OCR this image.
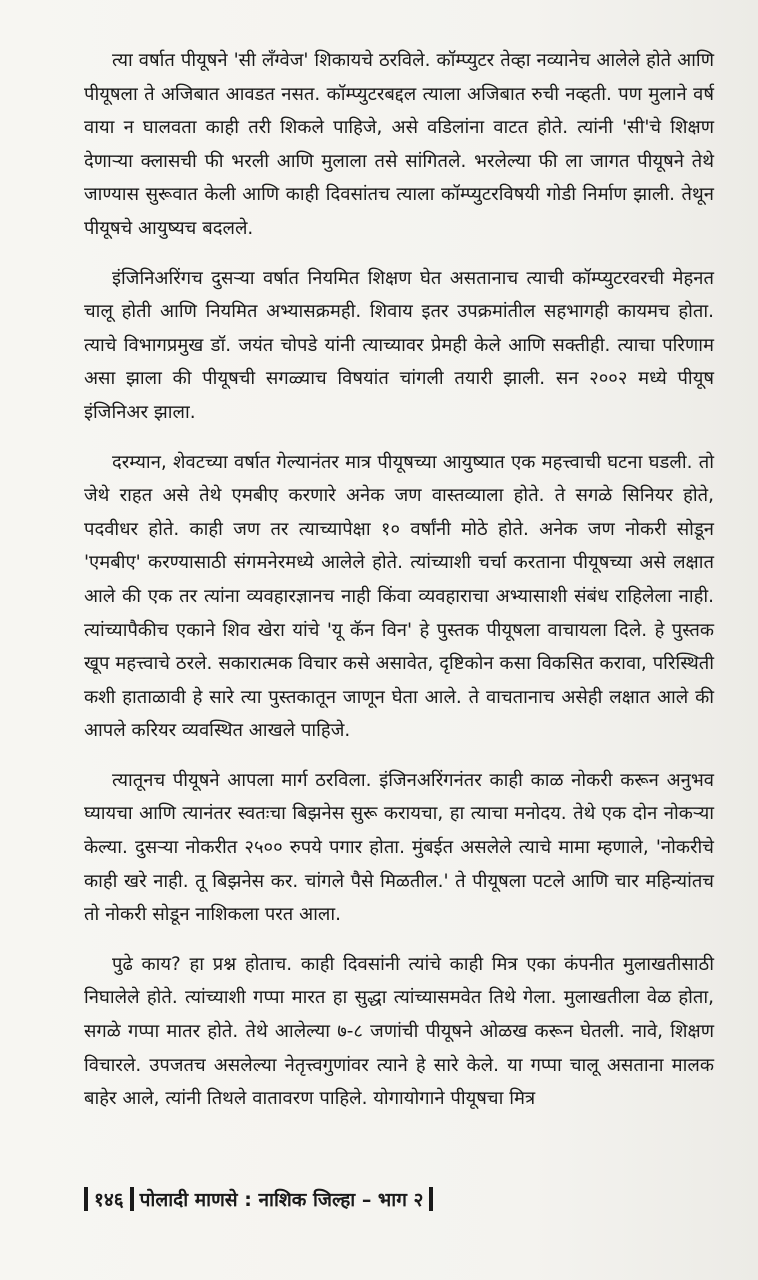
त्या वर्षात पीयूषने 'सी लँग्वेज' शिकायचे ठरविले. कॉम्प्युटर तेव्हा नव्यानेच आलेले होते आणि पीयूषला ते अजिबात आवडत नसत. कॉम्प्युटरबद्दल त्याला अजिबात रुची नव्हती. पण मुलाने वर्ष वाया न घालवता काही तरी शिकले पाहिजे, असे वडिलांना वाटत होते. त्यांनी 'सी'चे शिक्षण देणाऱ्या क्लासची फी भरली आणि मुलाला तसे सांगितले. भरलेल्या फी ला जागत पीयूषने तेथे जाण्यास सुरूवात केली आणि काही दिवसांतच त्याला कॉम्प्युटरविषयी गोडी निर्माण झाली. तेथून पीयूषचे आयुष्यच बदलले.

इंजिनिअरिंगच दुसऱ्या वर्षात नियमित शिक्षण घेत असतानाच त्याची कॉम्प्युटरवरची मेहनत चालू होती आणि नियमित अभ्यासक्रमही. शिवाय इतर उपक्रमांतील सहभागही कायमच होता. त्याचे विभागप्रमुख डॉ. जयंत चोपडे यांनी त्याच्यावर प्रेमही केले आणि सक्तीही. त्याचा परिणाम असा झाला की पीयूषची सगळ्याच विषयांत चांगली तयारी झाली. सन २००२ मध्ये पीयूष इंजिनिअर झाला.

दरम्यान, शेवटच्या वर्षात गेल्यानंतर मात्र पीयूषच्या आयुष्यात एक महत्त्वाची घटना घडली. तो जेथे राहत असे तेथे एमबीए करणारे अनेक जण वास्तव्याला होते. ते सगळे सिनियर होते, पदवीधर होते. काही जण तर त्याच्यापेक्षा १० वर्षांनी मोठे होते. अनेक जण नोकरी सोडून 'एमबीए' करण्यासाठी संगमनेरमध्ये आलेले होते. त्यांच्याशी चर्चा करताना पीयूषच्या असे लक्षात आले की एक तर त्यांना व्यवहारज्ञानच नाही किंवा व्यवहाराचा अभ्यासाशी संबंध राहिलेला नाही. त्यांच्यापैकीच एकाने शिव खेरा यांचे 'यू कॅन विन' हे पुस्तक पीयूषला वाचायला दिले. हे पुस्तक खूप महत्त्वाचे ठरले. सकारात्मक विचार कसे असावेत, दृष्टिकोन कसा विकसित करावा, परिस्थिती कशी हाताळावी हे सारे त्या पुस्तकातून जाणून घेता आले. ते वाचतानाच असेही लक्षात आले की आपले करियर व्यवस्थित आखले पाहिजे.

त्यातूनच पीयूषने आपला मार्ग ठरविला. इंजिनअरिंगनंतर काही काळ नोकरी करून अनुभव घ्यायचा आणि त्यानंतर स्वतःचा बिझनेस सुरू करायचा, हा त्याचा मनोदय. तेथे एक दोन नोकऱ्या केल्या. दुसऱ्या नोकरीत २५०० रुपये पगार होता. मुंबईत असलेले त्याचे मामा म्हणाले, 'नोकरीचे काही खरे नाही. तू बिझनेस कर. चांगले पैसे मिळतील.' ते पीयूषला पटले आणि चार महिन्यांतच तो नोकरी सोडून नाशिकला परत आला.

पुढे काय? हा प्रश्न होताच. काही दिवसांनी त्यांचे काही मित्र एका कंपनीत मुलाखतीसाठी निघालेले होते. त्यांच्याशी गप्पा मारत हा सुद्धा त्यांच्यासमवेत तिथे गेला. मुलाखतीला वेळ होता, सगळे गप्पा मातर होते. तेथे आलेल्या ७-८ जणांची पीयूषने ओळख करून घेतली. नावे, शिक्षण विचारले. उपजतच असलेल्या नेतृत्त्वगुणांवर त्याने हे सारे केले. या गप्पा चालू असताना मालक बाहेर आले, त्यांनी तिथले वातावरण पाहिले. योगायोगाने पीयूषचा मित्र

१४६ पोलादी माणसे : नाशिक जिल्हा – भाग २
